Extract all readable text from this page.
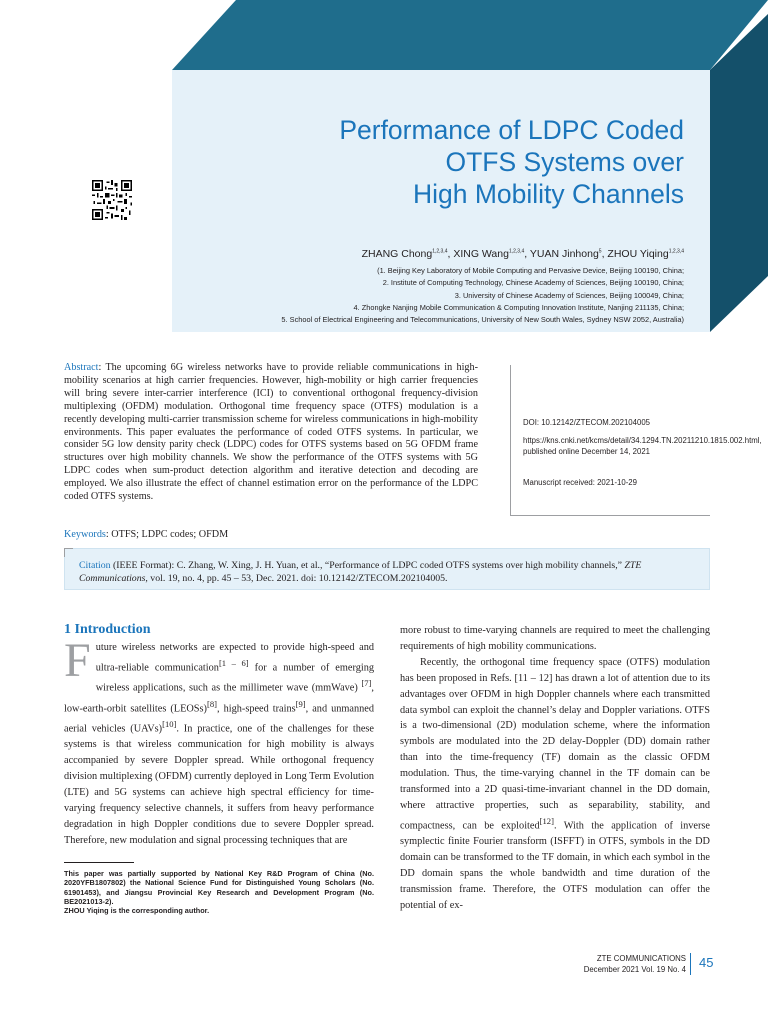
Performance of LDPC Coded
OTFS Systems over
High Mobility Channels
ZHANG Chong$^{1,2,3,4}$, XING Wang$^{1,2,3,4}$, YUAN Jinhong$^5$, ZHOU Yiqing$^{1,2,3,4}$
(1. Beijing Key Laboratory of Mobile Computing and Pervasive Device, Beijing 100190, China;
2. Institute of Computing Technology, Chinese Academy of Sciences, Beijing 100190, China;
3. University of Chinese Academy of Sciences, Beijing 100049, China;
4. Zhongke Nanjing Mobile Communication & Computing Innovation Institute, Nanjing 211135, China;
5. School of Electrical Engineering and Telecommunications, University of New South Wales, Sydney NSW 2052, Australia)

Abstract: The upcoming 6G wireless networks have to provide reliable communications in high-mobility scenarios at high carrier frequencies. However, high-mobility or high carrier frequencies will bring severe inter-carrier interference (ICI) to conventional orthogonal frequency-division multiplexing (OFDM) modulation. Orthogonal time frequency space (OTFS) modulation is a recently developing multi-carrier transmission scheme for wireless communications in high-mobility environments. This paper evaluates the performance of coded OTFS systems. In particular, we consider 5G low density parity check (LDPC) codes for OTFS systems based on 5G OFDM frame structures over high mobility channels. We show the performance of the OTFS systems with 5G LDPC codes when sum-product detection algorithm and iterative detection and decoding are employed. We also illustrate the effect of channel estimation error on the performance of the LDPC coded OTFS systems.

Keywords: OTFS; LDPC codes; OFDM

DOI: 10.12142/ZTECOM.202104005

https://kns.cnki.net/kcms/detail/34.1294.TN.20211210.1815.002.html, published online December 14, 2021

Manuscript received: 2021-10-29

Citation (IEEE Format): C. Zhang, W. Xing, J. H. Yuan, et al., “Performance of LDPC coded OTFS systems over high mobility channels,” ZTE Communications, vol. 19, no. 4, pp. 45 – 53, Dec. 2021. doi: 10.12142/ZTECOM.202104005.

1 Introduction

Future wireless networks are expected to provide high-speed and ultra-reliable communication[1 – 6] for a number of emerging wireless applications, such as the millimeter wave (mmWave) [7], low-earth-orbit satellites (LEOSs)[8], high-speed trains[9], and unmanned aerial vehicles (UAVs)[10]. In practice, one of the challenges for these systems is that wireless communication for high mobility is always accompanied by severe Doppler spread. While orthogonal frequency division multiplexing (OFDM) currently deployed in Long Term Evolution (LTE) and 5G systems can achieve high spectral efficiency for time-varying frequency selective channels, it suffers from heavy performance degradation in high Doppler conditions due to severe Doppler spread. Therefore, new modulation and signal processing techniques that are

This paper was partially supported by National Key R&D Program of China (No. 2020YFB1807802) the National Science Fund for Distinguished Young Scholars (No. 61901453), and Jiangsu Provincial Key Research and Development Program (No. BE2021013-2).
ZHOU Yiqing is the corresponding author.

more robust to time-varying channels are required to meet the challenging requirements of high mobility communications.

Recently, the orthogonal time frequency space (OTFS) modulation has been proposed in Refs. [11 – 12] has drawn a lot of attention due to its advantages over OFDM in high Doppler channels where each transmitted data symbol can exploit the channel’s delay and Doppler variations. OTFS is a two-dimensional (2D) modulation scheme, where the information symbols are modulated into the 2D delay-Doppler (DD) domain rather than into the time-frequency (TF) domain as the classic OFDM modulation. Thus, the time-varying channel in the TF domain can be transformed into a 2D quasi-time-invariant channel in the DD domain, where attractive properties, such as separability, stability, and compactness, can be exploited[12]. With the application of inverse symplectic finite Fourier transform (ISFFT) in OTFS, symbols in the DD domain can be transformed to the TF domain, in which each symbol in the DD domain spans the whole bandwidth and time duration of the transmission frame. Therefore, the OTFS modulation can offer the potential of ex-

ZTE COMMUNICATIONS
December 2021 Vol. 19 No. 4 45
